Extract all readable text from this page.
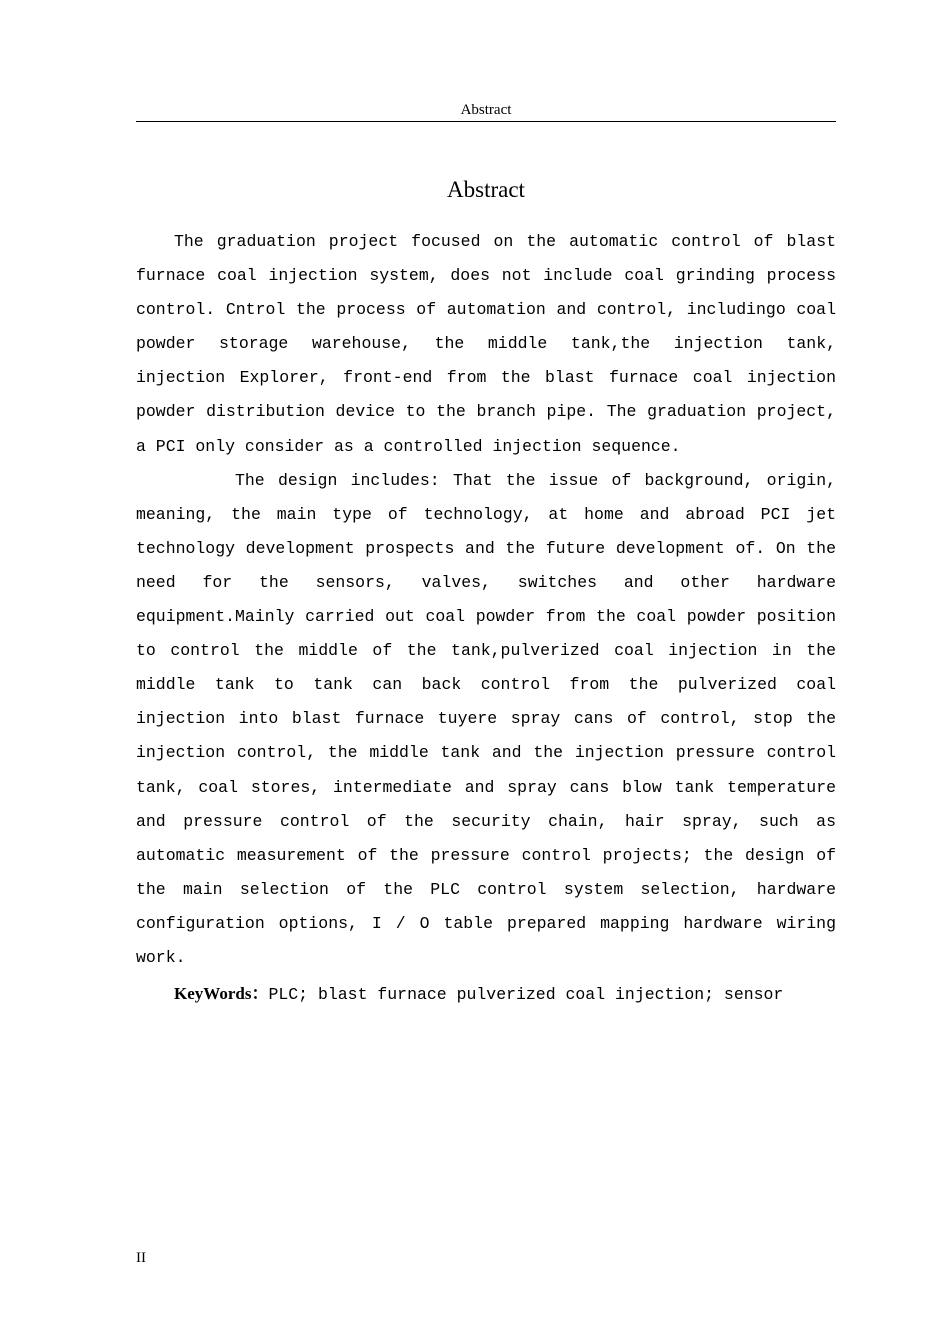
Abstract
Abstract

The graduation project focused on the automatic control of blast furnace coal injection system, does not include coal grinding process control. Cntrol the process of automation and control, includingo coal powder storage warehouse, the middle tank,the injection tank, injection Explorer, front-end from the blast furnace coal injection powder distribution device to the branch pipe. The graduation project, a PCI only consider as a controlled injection sequence.

The design includes: That the issue of background, origin, meaning, the main type of technology, at home and abroad PCI jet technology development prospects and the future development of. On the need for the sensors, valves, switches and other hardware equipment.Mainly carried out coal powder from the coal powder position to control the middle of the tank,pulverized coal injection in the middle tank to tank can back control from the pulverized coal injection into blast furnace tuyere spray cans of control, stop the injection control, the middle tank and the injection pressure control tank, coal stores, intermediate and spray cans blow tank temperature and pressure control of the security chain, hair spray, such as automatic measurement of the pressure control projects; the design of the main selection of the PLC control system selection, hardware configuration options, I / O table prepared mapping hardware wiring work.

KeyWords：PLC; blast furnace pulverized coal injection; sensor

II
